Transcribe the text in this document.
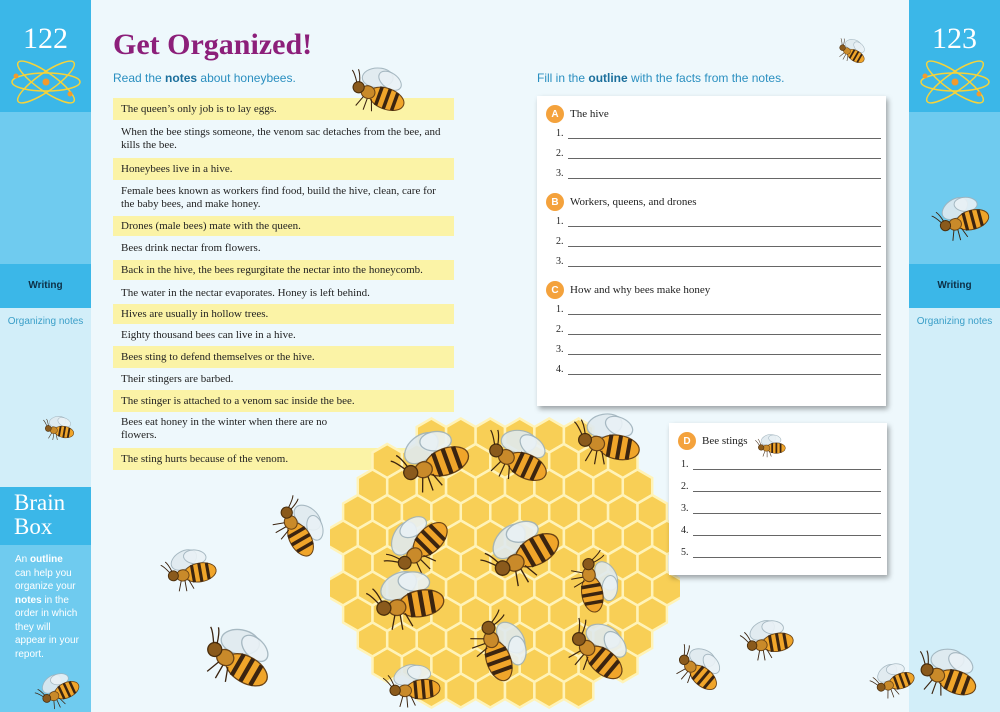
122
Writing
Organizing notes
Brain
Box
An outline can help you organize your notes in the order in which they will appear in your report.
123
Writing
Organizing notes
Get Organized!
Read the notes about honeybees.	Fill in the outline with the facts from the notes.
The queen’s only job is to lay eggs.
When the bee stings someone, the venom sac detaches from the bee, and kills the bee.
Honeybees live in a hive.
Female bees known as workers find food, build the hive, clean, care for the baby bees, and make honey.
Drones (male bees) mate with the queen.
Bees drink nectar from flowers.
Back in the hive, the bees regurgitate the nectar into the honeycomb.
The water in the nectar evaporates. Honey is left behind.
Hives are usually in hollow trees.
Eighty thousand bees can live in a hive.
Bees sting to defend themselves or the hive.
Their stingers are barbed.
The stinger is attached to a venom sac inside the bee.
Bees eat honey in the winter when there are no flowers.
The sting hurts because of the venom.
A	The hive
1.
2.
3.
B	Workers, queens, and drones
1.
2.
3.
C	How and why bees make honey
1.
2.
3.
4.
D	Bee stings
1.
2.
3.
4.
5.
